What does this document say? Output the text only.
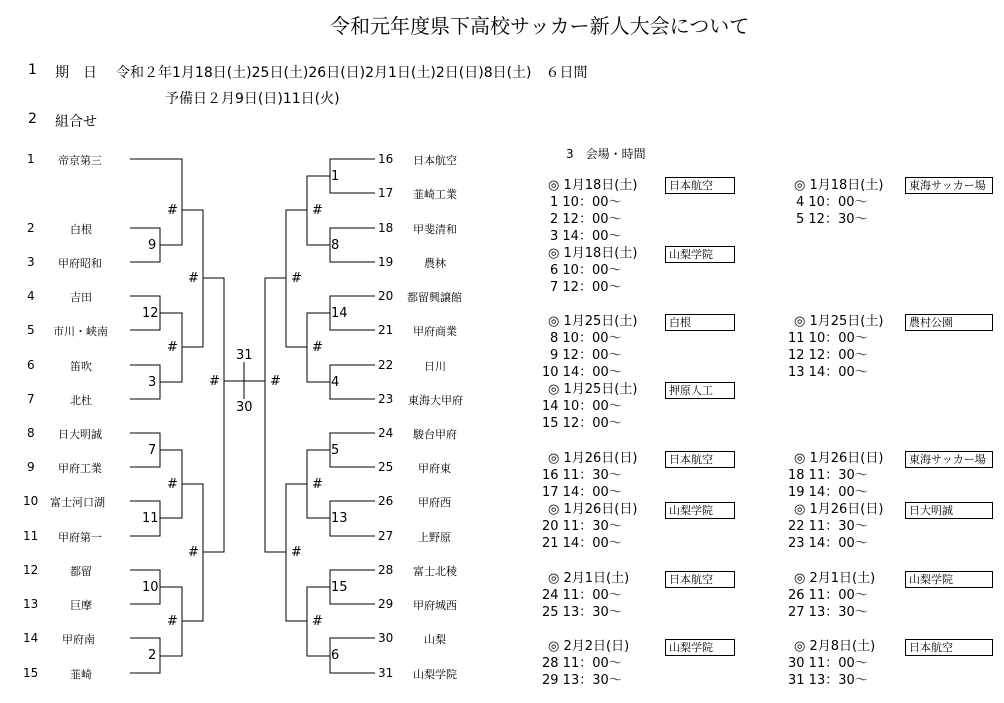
令和元年度県下高校サッカー新人大会について
1 期　日 令和２年1月18日(土)25日(土)26日(日)2月1日(土)2日(日)8日(土)　６日間
予備日２月9日(日)11日(火)
2 組合せ
3　会場・時間
1 帝京第三
2	白根
3 甲府昭和
4	吉田
5 市川・峡南
6	笛吹
7	北杜
8 日大明誠
9 甲府工業
10 富士河口湖
11 甲府第一
12	都留
13	巨摩
14 甲府南
15	韮崎
16 日本航空
17 韮崎工業
18 甲斐清和
19	農林
20 都留興譲館
21 甲府商業
22	日川
23 東海大甲府
24 駿台甲府
25 甲府東
26 甲府西
27 上野原
28 富士北稜
29 甲府城西
30	山梨
31 山梨学院
9
12
3
7
11
10
2
#
#
#
#
#
#
#	#
31
30
#
#
#
#
#
#
1
8
14
4
5
13
15
6
◎ 1月18日(土)	日本航空
1 10：00～
2 12：00～
3 14：00～
◎ 1月18日(土)	山梨学院
6 10：00～
7 12：00～
◎ 1月25日(土)	白根
8 10：00～
9 12：00～
10 14：00～
◎ 1月25日(土)	押原人工
14 10：00～
15 12：00～
◎ 1月26日(日)	日本航空
16 11：30～
17 14：00～
◎ 1月26日(日)	山梨学院
20 11：30～
21 14：00～
◎ 2月1日(土)	日本航空
24 11：00～
25 13：30～
◎ 2月2日(日)	山梨学院
28 11：00～
29 13：30～
◎ 1月18日(土)	東海サッカー場
4 10：00～
5 12：30～
◎ 1月25日(土)	農村公園
11 10：00～
12 12：00～
13 14：00～
◎ 1月26日(日)	東海サッカー場
18 11：30～
19 14：00～
◎ 1月26日(日)	日大明誠
22 11：30～
23 14：00～
◎ 2月1日(土)	山梨学院
26 11：00～
27 13：30～
◎ 2月8日(土)	日本航空
30 11：00～
31 13：30～
